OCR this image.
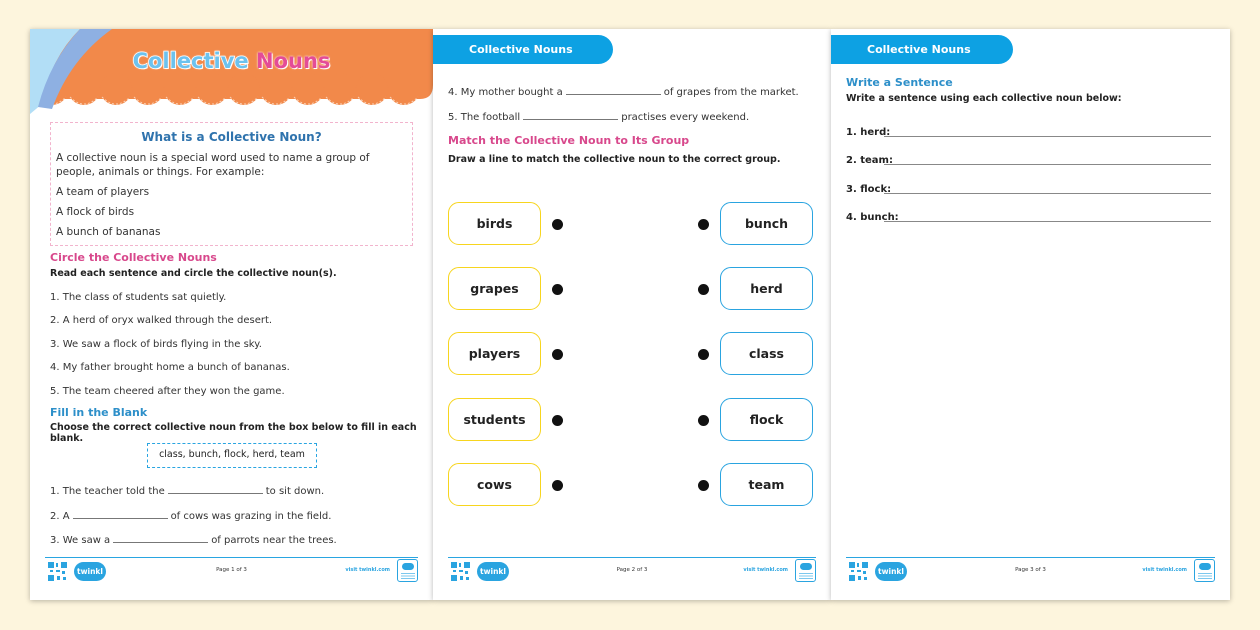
Collective Nouns
What is a Collective Noun?
A collective noun is a special word used to name a group of people, animals or things. For example:
A team of players
A flock of birds
A bunch of bananas
Circle the Collective Nouns
Read each sentence and circle the collective noun(s).
1. The class of students sat quietly.
2. A herd of oryx walked through the desert.
3. We saw a flock of birds flying in the sky.
4. My father brought home a bunch of bananas.
5. The team cheered after they won the game.
Fill in the Blank
Choose the correct collective noun from the box below to fill in each blank.
class, bunch, flock, herd, team
1. The teacher told the	to sit down.
2. A	of cows was grazing in the field.
3. We saw a	of parrots near the trees.
twinkl	Page 1 of 3	visit twinkl.com
Collective Nouns
4. My mother bought a	of grapes from the market.
5. The football	practises every weekend.
Match the Collective Noun to Its Group
Draw a line to match the collective noun to the correct group.
birds
grapes
players
students
cows
bunch
herd
class
flock
team
twinkl	Page 2 of 3	visit twinkl.com
Collective Nouns
Write a Sentence
Write a sentence using each collective noun below:
1. herd:
2. team:
3. flock:
4. bunch:
twinkl	Page 3 of 3	visit twinkl.com
